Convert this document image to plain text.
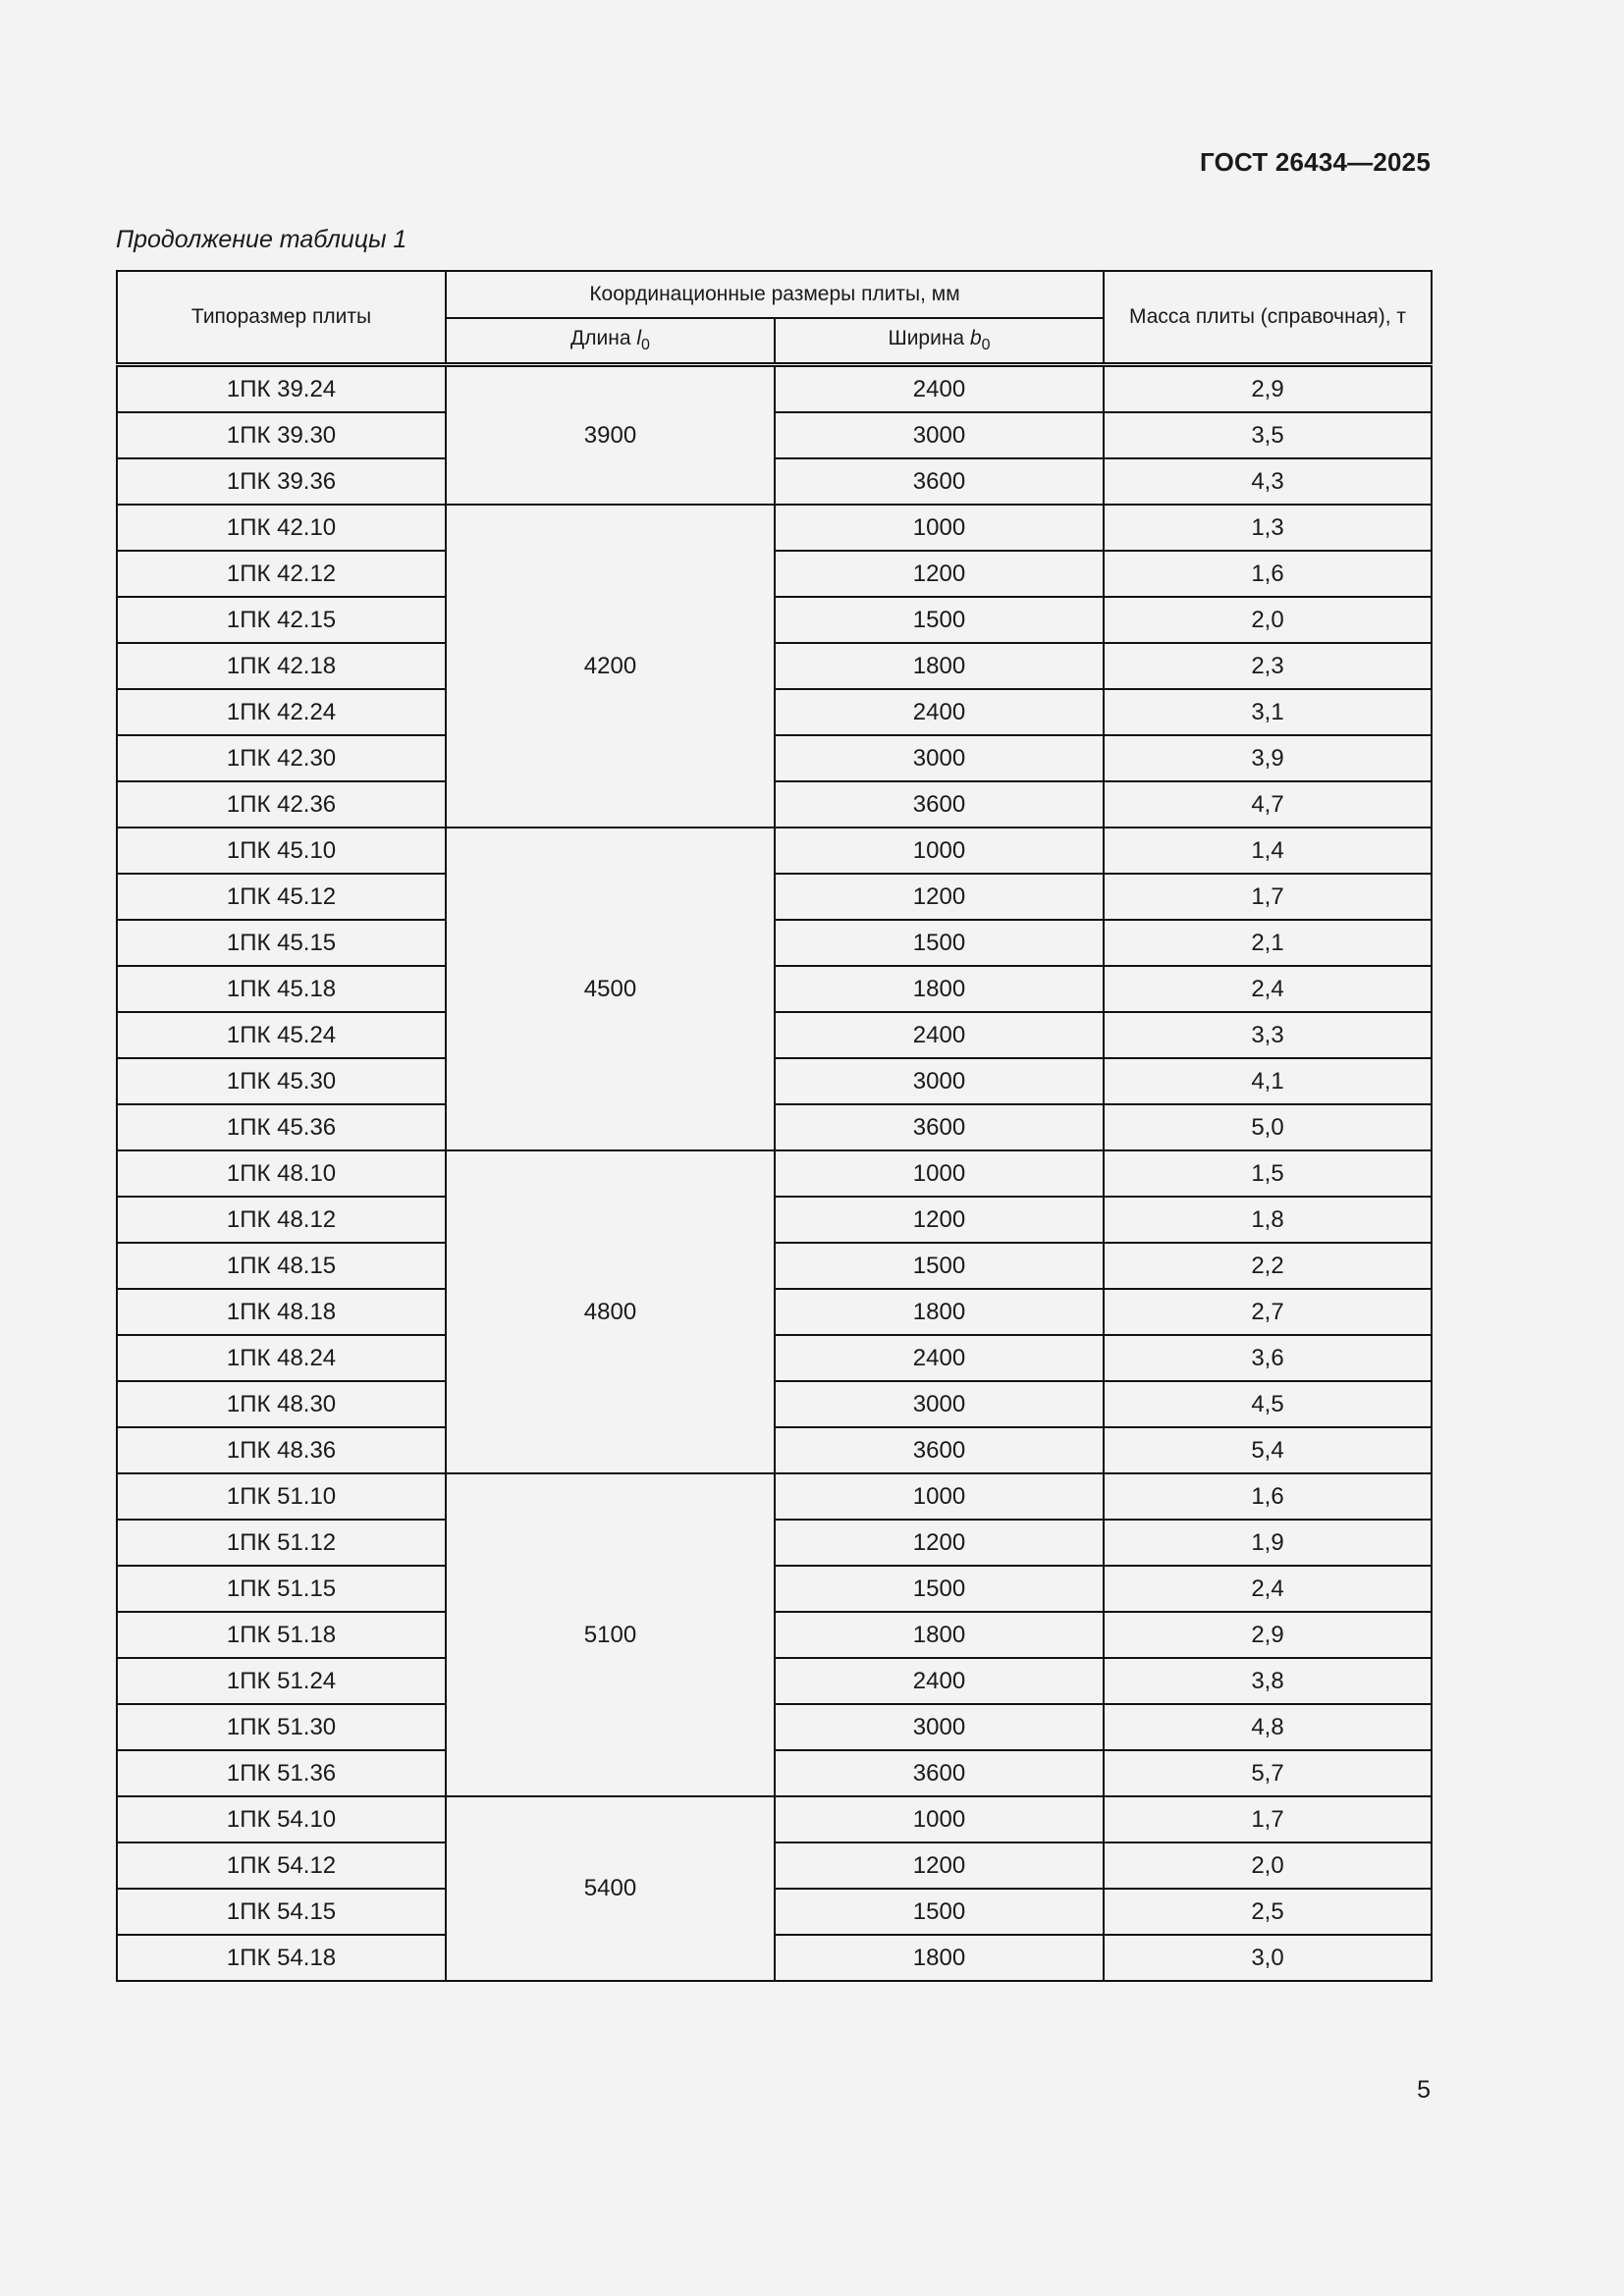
ГОСТ 26434—2025
Продолжение таблицы 1
Типоразмер плиты	Координационные размеры плиты, мм		Масса плиты (справочная), т
	Длина $l_0$	Ширина $b_0$
1ПК 39.24	3900	2400	2,9
1ПК 39.30		3000	3,5
1ПК 39.36		3600	4,3
1ПК 42.10	4200	1000	1,3
1ПК 42.12		1200	1,6
1ПК 42.15		1500	2,0
1ПК 42.18		1800	2,3
1ПК 42.24		2400	3,1
1ПК 42.30		3000	3,9
1ПК 42.36		3600	4,7
1ПК 45.10	4500	1000	1,4
1ПК 45.12		1200	1,7
1ПК 45.15		1500	2,1
1ПК 45.18		1800	2,4
1ПК 45.24		2400	3,3
1ПК 45.30		3000	4,1
1ПК 45.36		3600	5,0
1ПК 48.10	4800	1000	1,5
1ПК 48.12		1200	1,8
1ПК 48.15		1500	2,2
1ПК 48.18		1800	2,7
1ПК 48.24		2400	3,6
1ПК 48.30		3000	4,5
1ПК 48.36		3600	5,4
1ПК 51.10	5100	1000	1,6
1ПК 51.12		1200	1,9
1ПК 51.15		1500	2,4
1ПК 51.18		1800	2,9
1ПК 51.24		2400	3,8
1ПК 51.30		3000	4,8
1ПК 51.36		3600	5,7
1ПК 54.10	5400	1000	1,7
1ПК 54.12		1200	2,0
1ПК 54.15		1500	2,5
1ПК 54.18		1800	3,0
5
